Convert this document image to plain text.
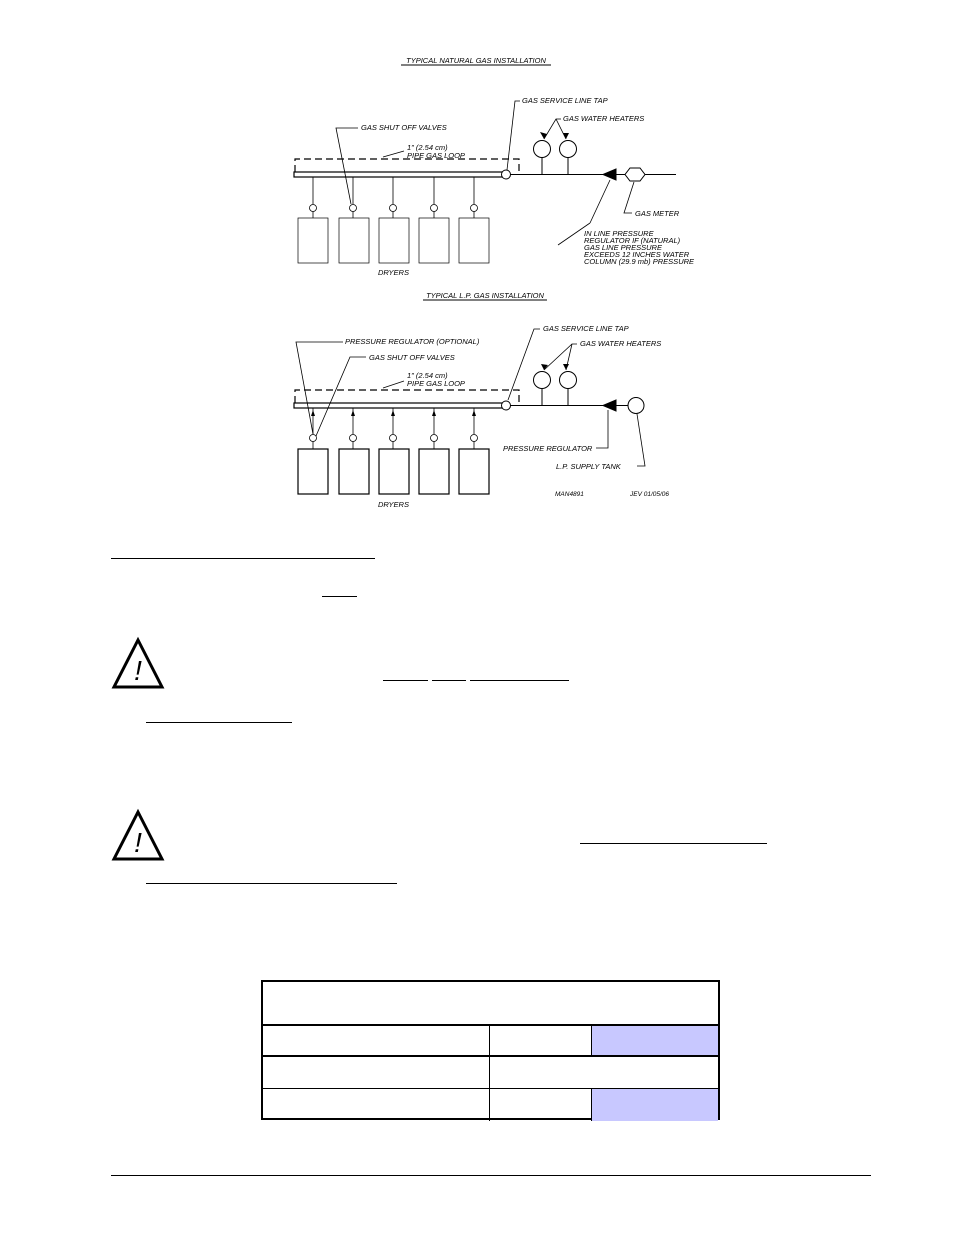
TYPICAL NATURAL GAS INSTALLATION
GAS SERVICE LINE TAP
GAS WATER HEATERS
GAS SHUT OFF VALVES
1" (2.54 cm)
PIPE GAS LOOP
GAS METER
IN LINE PRESSURE
REGULATOR IF (NATURAL)
GAS LINE PRESSURE
EXCEEDS 12 INCHES WATER
COLUMN (29.9 mb) PRESSURE
DRYERS
TYPICAL L.P. GAS INSTALLATION
GAS SERVICE LINE TAP
PRESSURE REGULATOR (OPTIONAL)	GAS WATER HEATERS
GAS SHUT OFF VALVES
1" (2.54 cm)
PIPE GAS LOOP
PRESSURE REGULATOR
L.P. SUPPLY TANK
MAN4891	JEV 01/05/06
DRYERS
!
!
